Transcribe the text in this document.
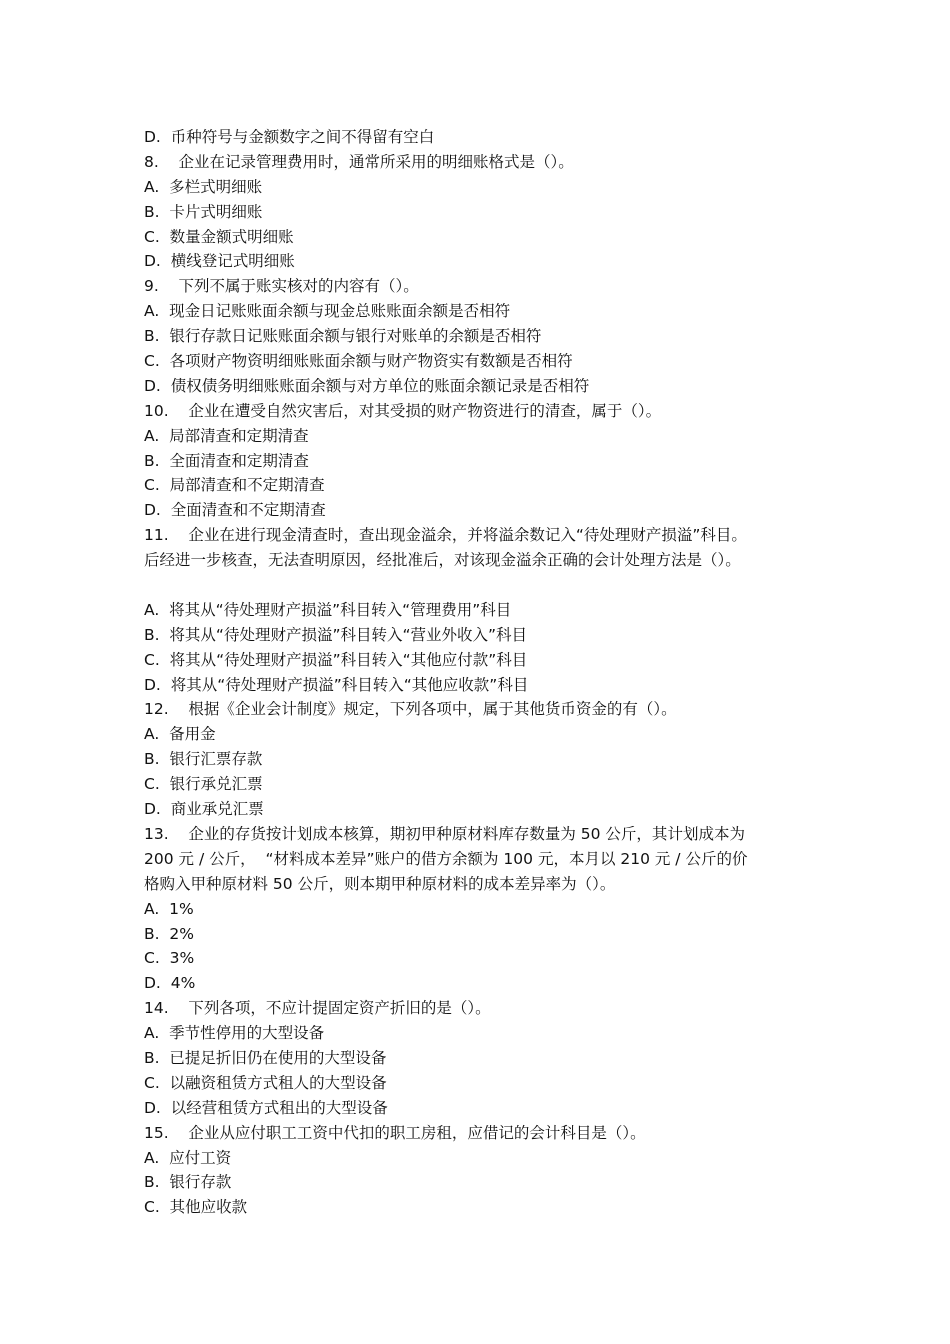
D.  币种符号与金额数字之间不得留有空白
8.    企业在记录管理费用时，通常所采用的明细账格式是（）。
A.  多栏式明细账
B.  卡片式明细账
C.  数量金额式明细账
D.  横线登记式明细账
9.    下列不属于账实核对的内容有（）。
A.  现金日记账账面余额与现金总账账面余额是否相符
B.  银行存款日记账账面余额与银行对账单的余额是否相符
C.  各项财产物资明细账账面余额与财产物资实有数额是否相符
D.  债权债务明细账账面余额与对方单位的账面余额记录是否相符
10.    企业在遭受自然灾害后，对其受损的财产物资进行的清查，属于（）。
A.  局部清查和定期清查
B.  全面清查和定期清查
C.  局部清查和不定期清查
D.  全面清查和不定期清查
11.    企业在进行现金清查时，查出现金溢余，并将溢余数记入“待处理财产损溢”科目。
后经进一步核查，无法查明原因，经批准后，对该现金溢余正确的会计处理方法是（）。
A.  将其从“待处理财产损溢”科目转入“管理费用”科目
B.  将其从“待处理财产损溢”科目转入“营业外收入”科目
C.  将其从“待处理财产损溢”科目转入“其他应付款”科目
D.  将其从“待处理财产损溢”科目转入“其他应收款”科目
12.    根据《企业会计制度》规定，下列各项中，属于其他货币资金的有（）。
A.  备用金
B.  银行汇票存款
C.  银行承兑汇票
D.  商业承兑汇票
13.    企业的存货按计划成本核算，期初甲种原材料库存数量为 50 公斤，其计划成本为
200 元 / 公斤，  “材料成本差异”账户的借方余额为 100 元，本月以 210 元 / 公斤的价
格购入甲种原材料 50 公斤，则本期甲种原材料的成本差异率为（）。
A.  1%
B.  2%
C.  3%
D.  4%
14.    下列各项，不应计提固定资产折旧的是（）。
A.  季节性停用的大型设备
B.  已提足折旧仍在使用的大型设备
C.  以融资租赁方式租人的大型设备
D.  以经营租赁方式租出的大型设备
15.    企业从应付职工工资中代扣的职工房租，应借记的会计科目是（）。
A.  应付工资
B.  银行存款
C.  其他应收款
